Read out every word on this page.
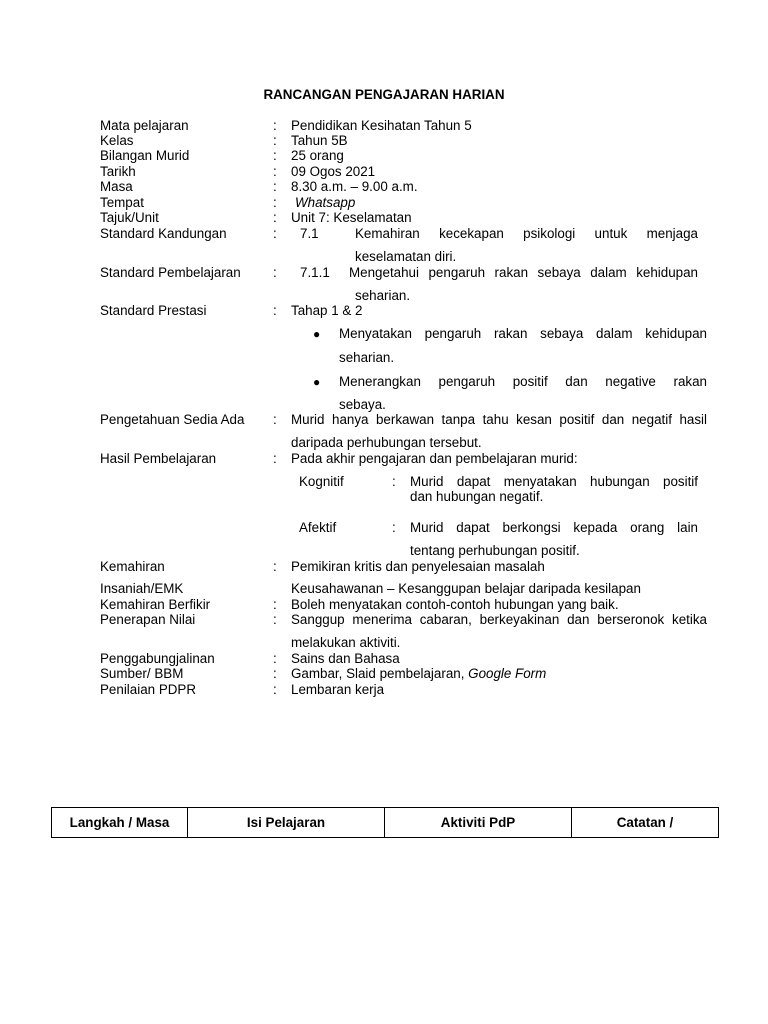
RANCANGAN PENGAJARAN HARIAN
Mata pelajaran	: Pendidikan Kesihatan Tahun 5
Kelas	: Tahun 5B
Bilangan Murid	: 25 orang
Tarikh	: 09 Ogos 2021
Masa	: 8.30 a.m. – 9.00 a.m.
Tempat	: Whatsapp
Tajuk/Unit	: Unit 7: Keselamatan
Standard Kandungan	: 7.1	Kemahiran kecekapan psikologi untuk menjaga
keselamatan diri.
Standard Pembelajaran : 7.1.1 Mengetahui pengaruh rakan sebaya dalam kehidupan
seharian.
Standard Prestasi	: Tahap 1 & 2
● Menyatakan pengaruh rakan sebaya dalam kehidupan
seharian.
● Menerangkan pengaruh positif dan negative rakan
sebaya.
Pengetahuan Sedia Ada : Murid hanya berkawan tanpa tahu kesan positif dan negatif hasil
daripada perhubungan tersebut.
Hasil Pembelajaran	: Pada akhir pengajaran dan pembelajaran murid:
Kognitif	: Murid dapat menyatakan hubungan positif
dan hubungan negatif.
Afektif	: Murid dapat berkongsi kepada orang lain
tentang perhubungan positif.
Kemahiran	: Pemikiran kritis dan penyelesaian masalah
Insaniah/EMK	Keusahawanan – Kesanggupan belajar daripada kesilapan
Kemahiran Berfikir	: Boleh menyatakan contoh-contoh hubungan yang baik.
Penerapan Nilai	: Sanggup menerima cabaran, berkeyakinan dan berseronok ketika
melakukan aktiviti.
Penggabungjalinan	: Sains dan Bahasa
Sumber/ BBM	: Gambar, Slaid pembelajaran, Google Form
Penilaian PDPR	: Lembaran kerja
Langkah / Masa	Isi Pelajaran	Aktiviti PdP	Catatan /
